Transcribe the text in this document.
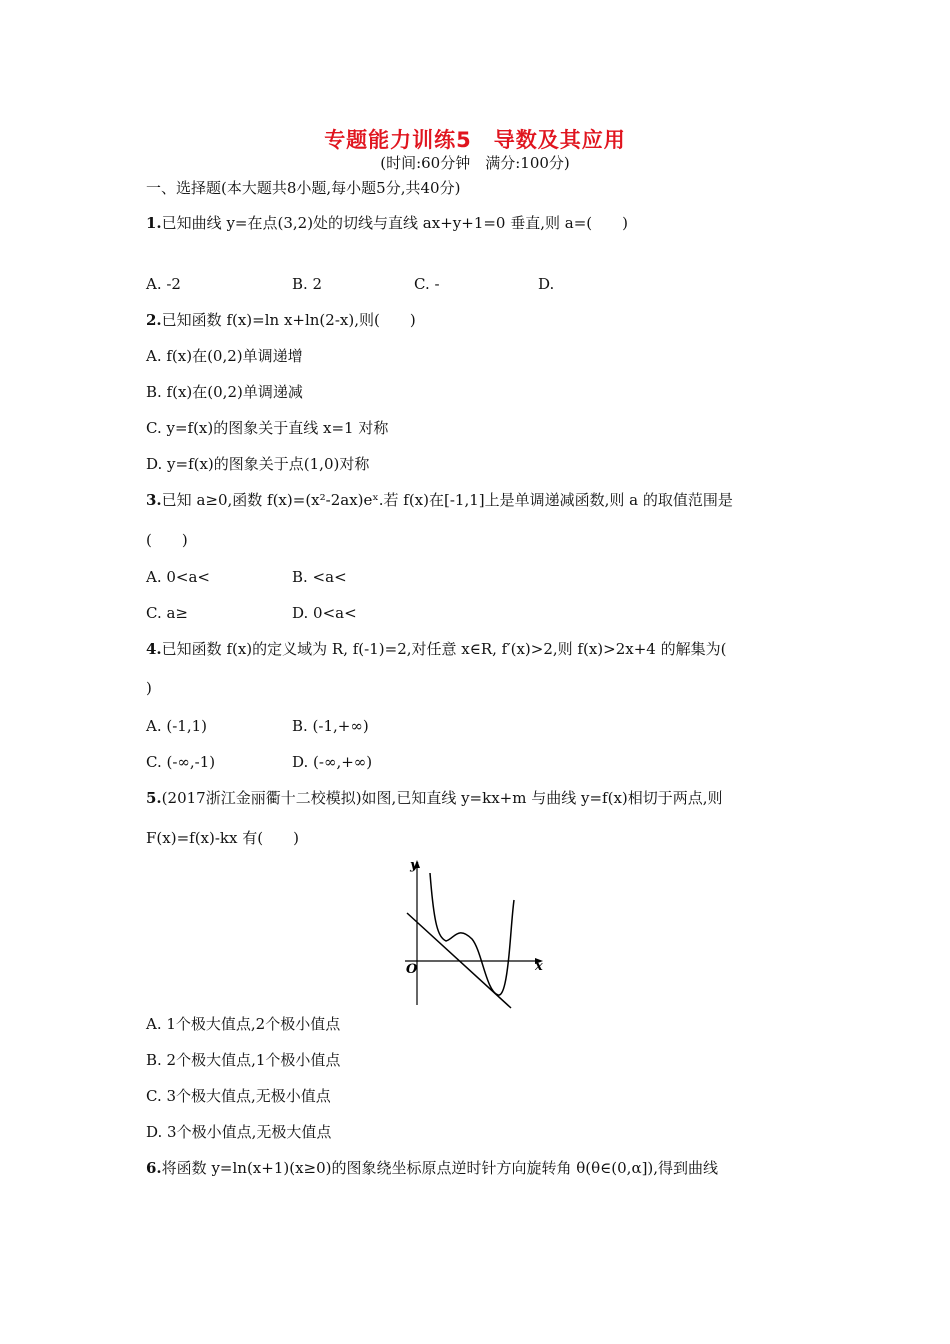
专题能力训练5　导数及其应用
(时间:60分钟　满分:100分)
一、选择题(本大题共8小题,每小题5分,共40分)
1.已知曲线 y=在点(3,2)处的切线与直线 ax+y+1=0 垂直,则 a=(　　)
A. -2	B. 2	C. -	D.
2.已知函数 f(x)=ln x+ln(2-x),则(　　)
A. f(x)在(0,2)单调递增
B. f(x)在(0,2)单调递减
C. y=f(x)的图象关于直线 x=1 对称
D. y=f(x)的图象关于点(1,0)对称
3.已知 a≥0,函数 f(x)=(x²-2ax)eˣ.若 f(x)在[-1,1]上是单调递减函数,则 a 的取值范围是
(　　)
A. 0<a<	B. <a<
C. a≥	D. 0<a<
4.已知函数 f(x)的定义域为 R, f(-1)=2,对任意 x∈R, f′(x)>2,则 f(x)>2x+4 的解集为(
)
A. (-1,1)	B. (-1,+∞)
C. (-∞,-1)	D. (-∞,+∞)
5.(2017浙江金丽衢十二校模拟)如图,已知直线 y=kx+m 与曲线 y=f(x)相切于两点,则
F(x)=f(x)-kx 有(　　)
y
x
O
A. 1个极大值点,2个极小值点
B. 2个极大值点,1个极小值点
C. 3个极大值点,无极小值点
D. 3个极小值点,无极大值点
6.将函数 y=ln(x+1)(x≥0)的图象绕坐标原点逆时针方向旋转角 θ(θ∈(0,α]),得到曲线
